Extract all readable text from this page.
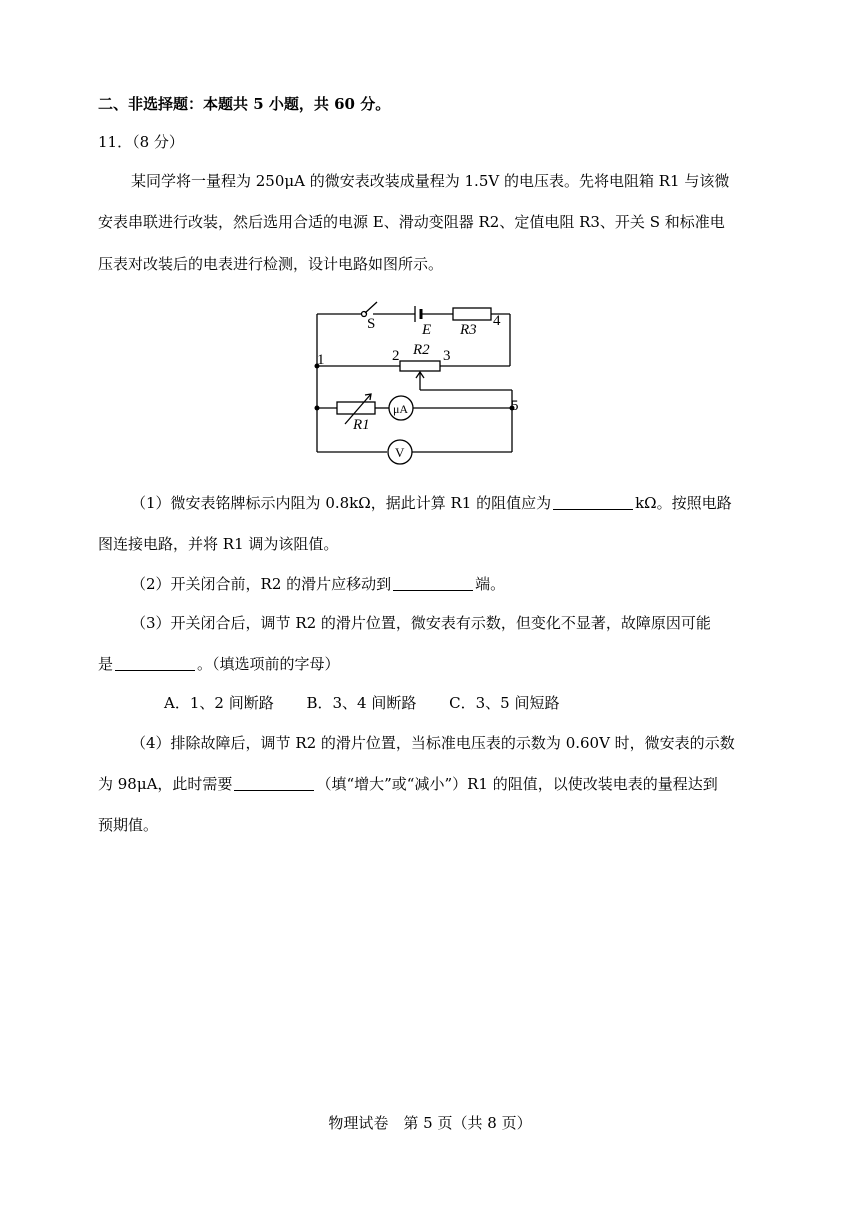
二、非选择题：本题共 5 小题，共 60 分。
11．（8 分）
某同学将一量程为 250μA 的微安表改装成量程为 1.5V 的电压表。先将电阻箱 R1 与该微
安表串联进行改装，然后选用合适的电源 E、滑动变阻器 R2、定值电阻 R3、开关 S 和标准电
压表对改装后的电表进行检测，设计电路如图所示。
S	E R3
4
R2
2	3
1
5
R1
μA
V
（1）微安表铭牌标示内阻为 0.8kΩ，据此计算 R1 的阻值应为	kΩ。按照电路
图连接电路，并将 R1 调为该阻值。
（2）开关闭合前，R2 的滑片应移动到	端。
（3）开关闭合后，调节 R2 的滑片位置，微安表有示数，但变化不显著，故障原因可能
是	。（填选项前的字母）
A．1、2 间断路 B．3、4 间断路 C．3、5 间短路
（4）排除故障后，调节 R2 的滑片位置，当标准电压表的示数为 0.60V 时，微安表的示数
为 98μA，此时需要	（填“增大”或“减小”）R1 的阻值，以使改装电表的量程达到
预期值。
物理试卷　第 5 页（共 8 页）
